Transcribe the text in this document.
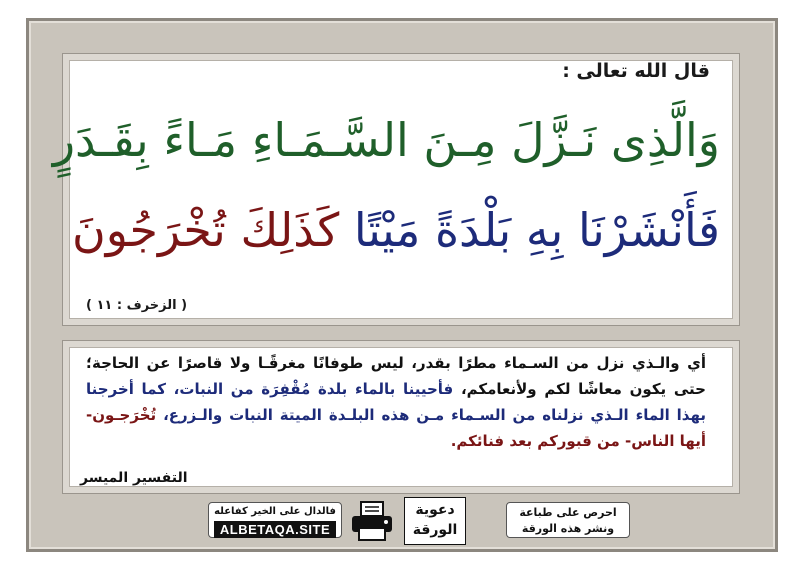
قال الله تعالى :
وَالَّذِى نَـزَّلَ مِـنَ السَّـمَـاءِ مَـاءً بِقَـدَرٍ
فَأَنْشَرْنَا بِهِ بَلْدَةً مَيْتًا كَذَلِكَ تُخْرَجُونَ
( الزخرف : ١١ )
أي والـذي نزل من السـماء مطرًا بقدر، ليس طوفانًا مغرقًـا ولا قاصرًا عن الحاجة؛ حتى يكون معاشًا لكم ولأنعامكم، فأحيينا بالماء بلدة مُقْفِرَة من النبات، كما أخرجنا بهذا الماء الـذي نزلناه من السـماء مـن هذه البلـدة الميتة النبات والـزرع، تُخْرَجـون- أيها الناس- من قبوركم بعد فنائكم.
التفسير الميسر
احرص على طباعة
ونشر هذه الورقة
دعوية
الورقة
فالدال على الخير كفاعله
ALBETAQA.SITE
